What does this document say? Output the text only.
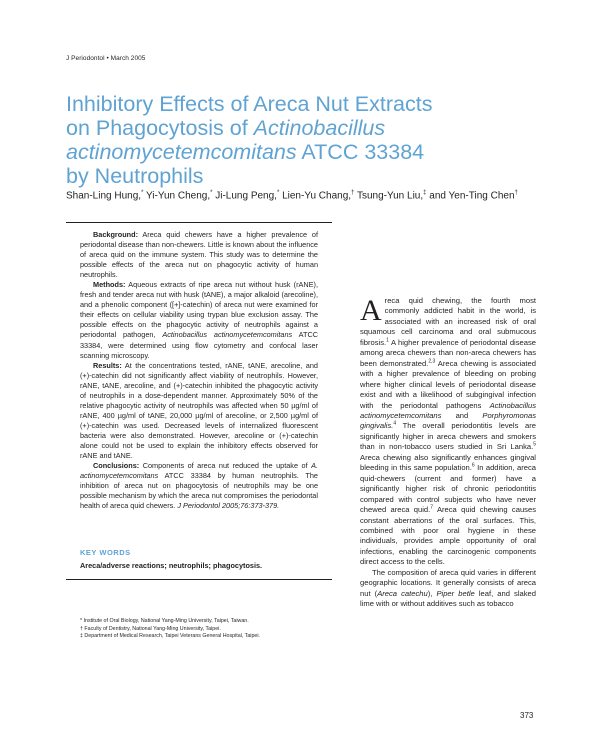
J Periodontol • March 2005
Inhibitory Effects of Areca Nut Extracts
on Phagocytosis of Actinobacillus
actinomycetemcomitans ATCC 33384
by Neutrophils
Shan-Ling Hung,* Yi-Yun Cheng,* Ji-Lung Peng,* Lien-Yu Chang,† Tsung-Yun Liu,‡ and Yen-Ting Chen†

Background: Areca quid chewers have a higher prevalence of periodontal disease than non-chewers. Little is known about the influence of areca quid on the immune system. This study was to determine the possible effects of the areca nut on phagocytic activity of human neutrophils.

Methods: Aqueous extracts of ripe areca nut without husk (rANE), fresh and tender areca nut with husk (tANE), a major alkaloid (arecoline), and a phenolic component ([+]-catechin) of areca nut were examined for their effects on cellular viability using trypan blue exclusion assay. The possible effects on the phagocytic activity of neutrophils against a periodontal pathogen, Actinobacillus actinomycetemcomitans ATCC 33384, were determined using flow cytometry and confocal laser scanning microscopy.

Results: At the concentrations tested, rANE, tANE, arecoline, and (+)-catechin did not significantly affect viability of neutrophils. However, rANE, tANE, arecoline, and (+)-catechin inhibited the phagocytic activity of neutrophils in a dose-dependent manner. Approximately 50% of the relative phagocytic activity of neutrophils was affected when 50 µg/ml of rANE, 400 µg/ml of tANE, 20,000 µg/ml of arecoline, or 2,500 µg/ml of (+)-catechin was used. Decreased levels of internalized fluorescent bacteria were also demonstrated. However, arecoline or (+)-catechin alone could not be used to explain the inhibitory effects observed for rANE and tANE.

Conclusions: Components of areca nut reduced the uptake of A. actinomycetemcomitans ATCC 33384 by human neutrophils. The inhibition of areca nut on phagocytosis of neutrophils may be one possible mechanism by which the areca nut compromises the periodontal health of areca quid chewers. J Periodontol 2005;76:373-379.

KEY WORDS
Areca/adverse reactions; neutrophils; phagocytosis.
* Institute of Oral Biology, National Yang-Ming University, Taipei, Taiwan.
† Faculty of Dentistry, National Yang-Ming University, Taipei.
‡ Department of Medical Research, Taipei Veterans General Hospital, Taipei.

Areca quid chewing, the fourth most commonly addicted habit in the world, is associated with an increased risk of oral squamous cell carcinoma and oral submucous fibrosis.$^1$ A higher prevalence of periodontal disease among areca chewers than non-areca chewers has been demonstrated.$^{2,3}$ Areca chewing is associated with a higher prevalence of bleeding on probing where higher clinical levels of periodontal disease exist and with a likelihood of subgingival infection with the periodontal pathogens Actinobacillus actinomycetemcomitans and Porphyromonas gingivalis.$^4$ The overall periodontitis levels are significantly higher in areca chewers and smokers than in non-tobacco users studied in Sri Lanka.$^5$ Areca chewing also significantly enhances gingival bleeding in this same population.$^6$ In addition, areca quid-chewers (current and former) have a significantly higher risk of chronic periodontitis compared with control subjects who have never chewed areca quid.$^7$ Areca quid chewing causes constant aberrations of the oral surfaces. This, combined with poor oral hygiene in these individuals, provides ample opportunity of oral infections, enabling the carcinogenic components direct access to the cells.

The composition of areca quid varies in different geographic locations. It generally consists of areca nut (Areca catechu), Piper betle leaf, and slaked lime with or without additives such as tobacco

373
